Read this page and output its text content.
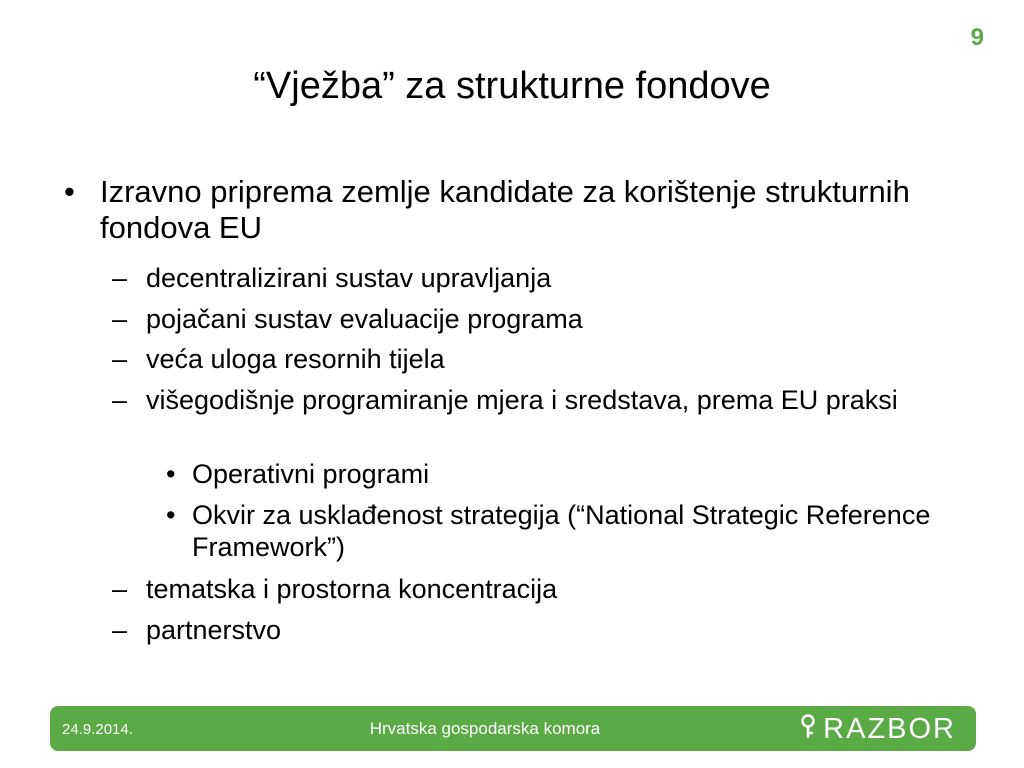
9
“Vježba” za strukturne fondove
• Izravno priprema zemlje kandidate za korištenje strukturnih fondova EU
– decentralizirani sustav upravljanja
– pojačani sustav evaluacije programa
– veća uloga resornih tijela
– višegodišnje programiranje mjera i sredstava, prema EU praksi
• Operativni programi
• Okvir za usklađenost strategija (“National Strategic Reference Framework”)
– tematska i prostorna koncentracija
– partnerstvo
24.9.2014.	Hrvatska gospodarska komora	RAZBOR
